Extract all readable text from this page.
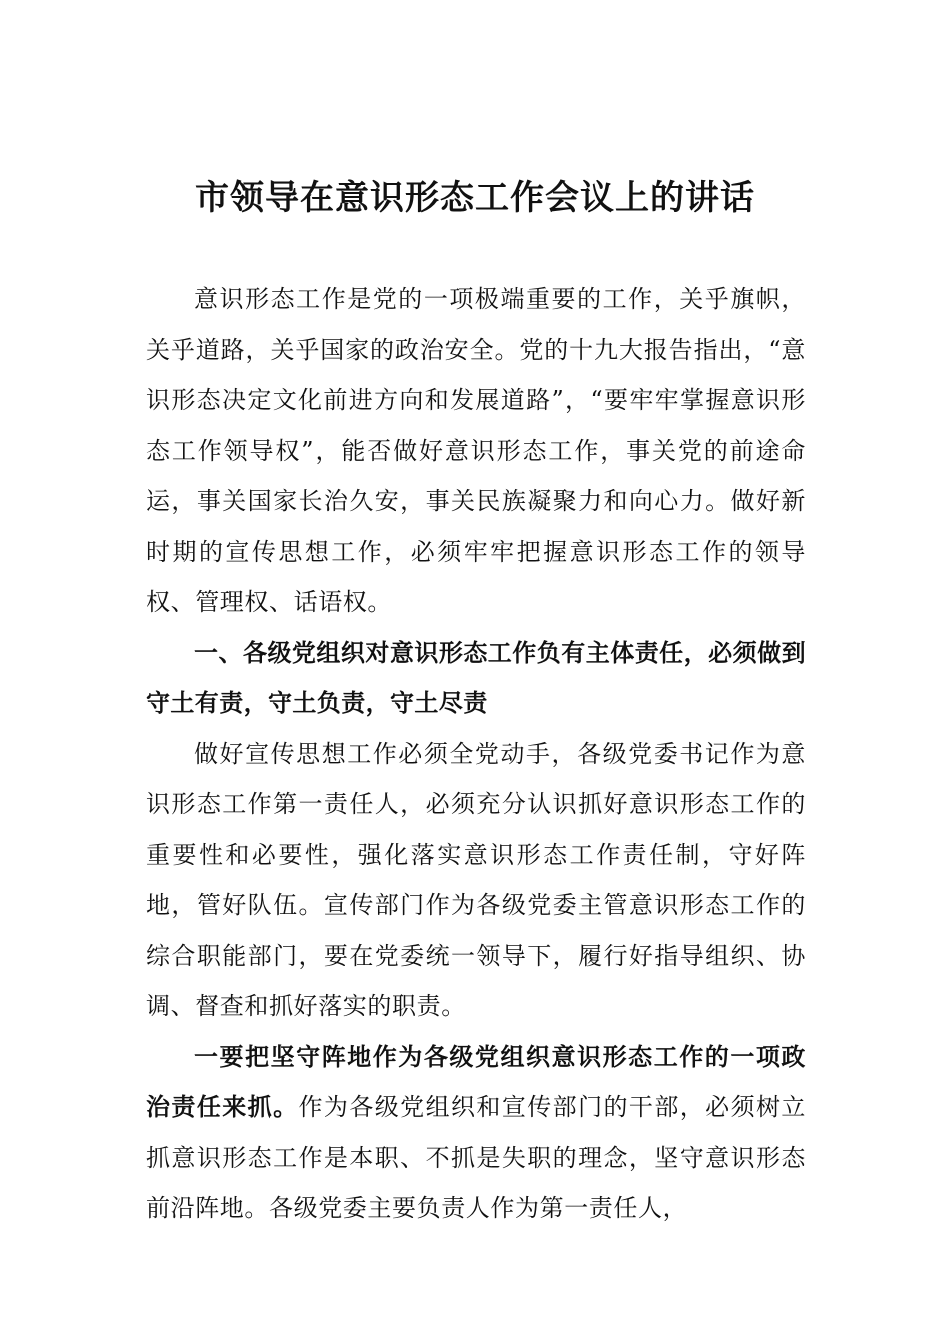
市领导在意识形态工作会议上的讲话

意识形态工作是党的一项极端重要的工作，关乎旗帜，关乎道路，关乎国家的政治安全。党的十九大报告指出，“意识形态决定文化前进方向和发展道路”，“要牢牢掌握意识形态工作领导权”，能否做好意识形态工作，事关党的前途命运，事关国家长治久安，事关民族凝聚力和向心力。做好新时期的宣传思想工作，必须牢牢把握意识形态工作的领导权、管理权、话语权。

一、各级党组织对意识形态工作负有主体责任，必须做到守土有责，守土负责，守土尽责

做好宣传思想工作必须全党动手，各级党委书记作为意识形态工作第一责任人，必须充分认识抓好意识形态工作的重要性和必要性，强化落实意识形态工作责任制，守好阵地，管好队伍。宣传部门作为各级党委主管意识形态工作的综合职能部门，要在党委统一领导下，履行好指导组织、协调、督查和抓好落实的职责。

一要把坚守阵地作为各级党组织意识形态工作的一项政治责任来抓。作为各级党组织和宣传部门的干部，必须树立抓意识形态工作是本职、不抓是失职的理念，坚守意识形态前沿阵地。各级党委主要负责人作为第一责任人，
